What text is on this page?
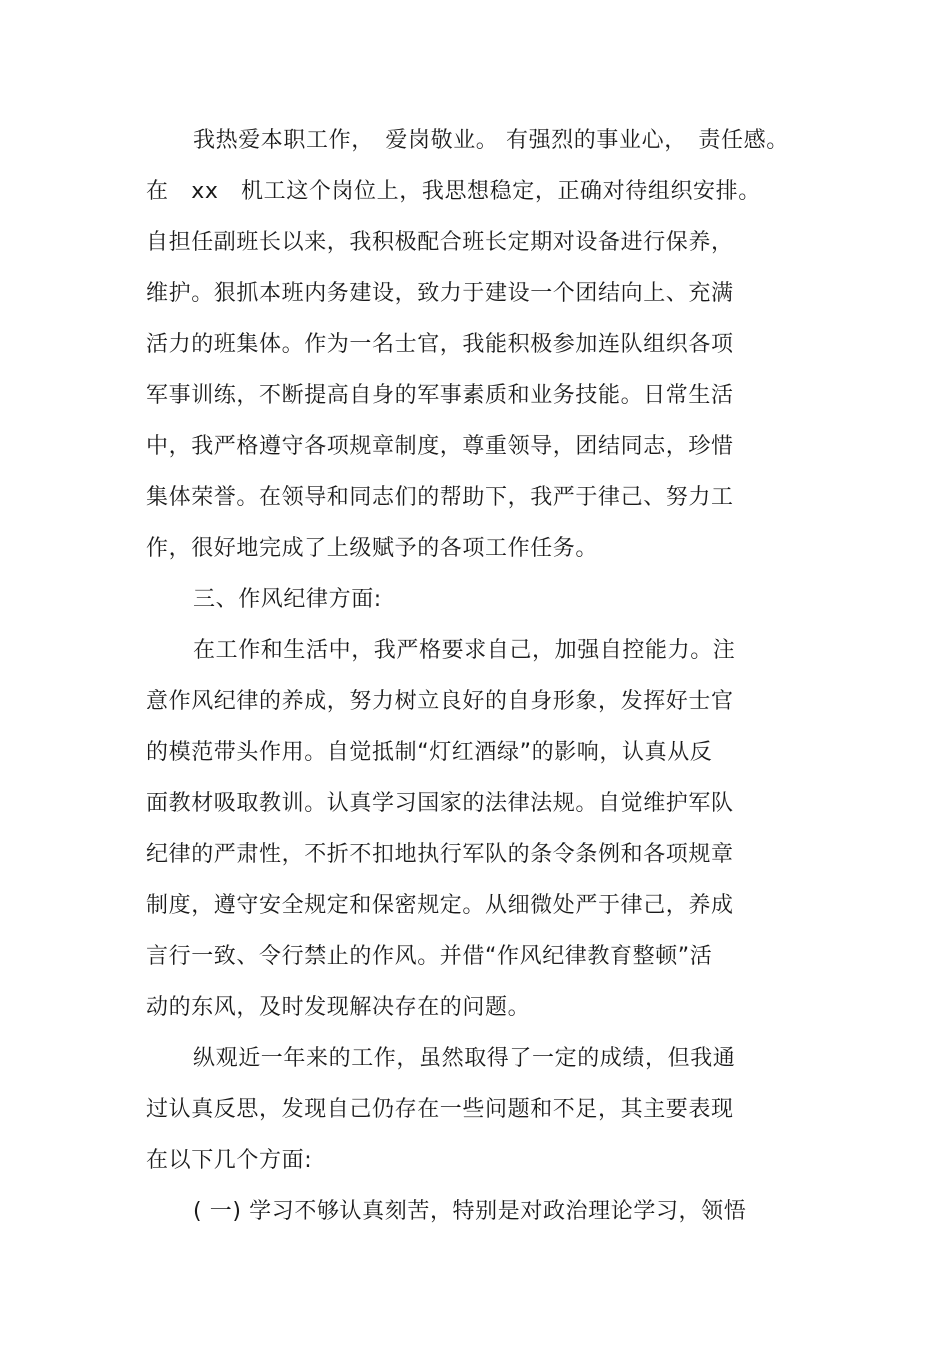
我热爱本职工作，　爱岗敬业。 有强烈的事业心，　责任感。
在　xx　机工这个岗位上，我思想稳定，正确对待组织安排。
自担任副班长以来，我积极配合班长定期对设备进行保养，
维护。狠抓本班内务建设，致力于建设一个团结向上、充满
活力的班集体。作为一名士官，我能积极参加连队组织各项
军事训练，不断提高自身的军事素质和业务技能。日常生活
中，我严格遵守各项规章制度，尊重领导，团结同志，珍惜
集体荣誉。在领导和同志们的帮助下，我严于律己、努力工
作，很好地完成了上级赋予的各项工作任务。
三、作风纪律方面:
在工作和生活中，我严格要求自己，加强自控能力。注
意作风纪律的养成，努力树立良好的自身形象，发挥好士官
的模范带头作用。自觉抵制“灯红酒绿”的影响，认真从反
面教材吸取教训。认真学习国家的法律法规。自觉维护军队
纪律的严肃性，不折不扣地执行军队的条令条例和各项规章
制度，遵守安全规定和保密规定。从细微处严于律己，养成
言行一致、令行禁止的作风。并借“作风纪律教育整顿”活
动的东风，及时发现解决存在的问题。
纵观近一年来的工作，虽然取得了一定的成绩，但我通
过认真反思，发现自己仍存在一些问题和不足，其主要表现
在以下几个方面:
( 一) 学习不够认真刻苦，特别是对政治理论学习，领悟
